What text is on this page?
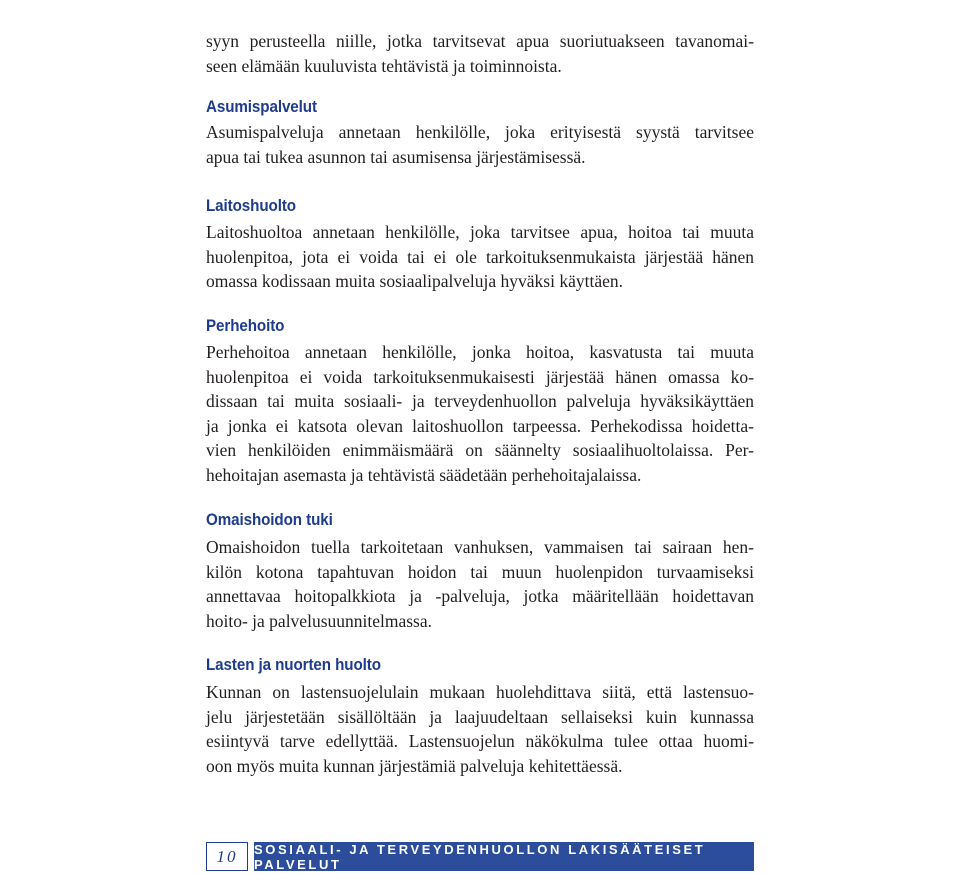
syyn perusteella niille, jotka tarvitsevat apua suoriutuakseen tavanomai-
seen elämään kuuluvista tehtävistä ja toiminnoista.

Asumispalvelut

Asumispalveluja annetaan henkilölle, joka erityisestä syystä tarvitsee
apua tai tukea asunnon tai asumisensa järjestämisessä.

Laitoshuolto

Laitoshuoltoa annetaan henkilölle, joka tarvitsee apua, hoitoa tai muuta
huolenpitoa, jota ei voida tai ei ole tarkoituksenmukaista järjestää hänen
omassa kodissaan muita sosiaalipalveluja hyväksi käyttäen.

Perhehoito

Perhehoitoa annetaan henkilölle, jonka hoitoa, kasvatusta tai muuta
huolenpitoa ei voida tarkoituksenmukaisesti järjestää hänen omassa ko-
dissaan tai muita sosiaali- ja terveydenhuollon palveluja hyväksikäyttäen
ja jonka ei katsota olevan laitoshuollon tarpeessa. Perhekodissa hoidetta-
vien henkilöiden enimmäismäärä on säännelty sosiaalihuoltolaissa. Per-
hehoitajan asemasta ja tehtävistä säädetään perhehoitajalaissa.

Omaishoidon tuki

Omaishoidon tuella tarkoitetaan vanhuksen, vammaisen tai sairaan hen-
kilön kotona tapahtuvan hoidon tai muun huolenpidon turvaamiseksi
annettavaa hoitopalkkiota ja -palveluja, jotka määritellään hoidettavan
hoito- ja palvelusuunnitelmassa.

Lasten ja nuorten huolto

Kunnan on lastensuojelulain mukaan huolehdittava siitä, että lastensuo-
jelu järjestetään sisällöltään ja laajuudeltaan sellaiseksi kuin kunnassa
esiintyvä tarve edellyttää. Lastensuojelun näkökulma tulee ottaa huomi-
oon myös muita kunnan järjestämiä palveluja kehitettäessä.

10	SOSIAALI- JA TERVEYDENHUOLLON LAKISÄÄTEISET PALVELUT
